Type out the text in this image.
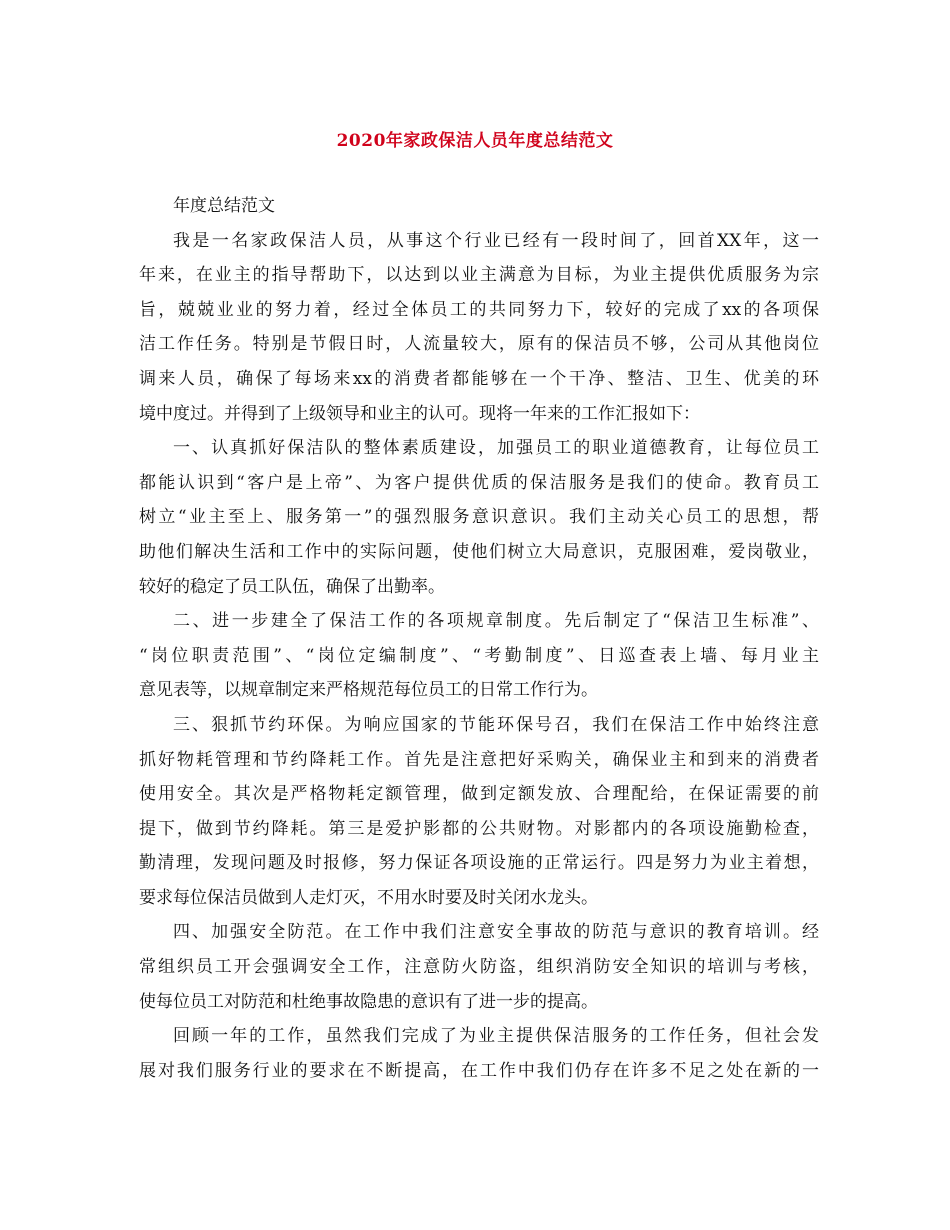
2020年家政保洁人员年度总结范文
年度总结范文
我是一名家政保洁人员，从事这个行业已经有一段时间了，回首XX年，这一
年来，在业主的指导帮助下，以达到以业主满意为目标，为业主提供优质服务为宗
旨，兢兢业业的努力着，经过全体员工的共同努力下，较好的完成了xx的各项保
洁工作任务。特别是节假日时，人流量较大，原有的保洁员不够，公司从其他岗位
调来人员，确保了每场来xx的消费者都能够在一个干净、整洁、卫生、优美的环
境中度过。并得到了上级领导和业主的认可。现将一年来的工作汇报如下：
一、认真抓好保洁队的整体素质建设，加强员工的职业道德教育，让每位员工
都能认识到“客户是上帝”、为客户提供优质的保洁服务是我们的使命。教育员工
树立“业主至上、服务第一”的强烈服务意识意识。我们主动关心员工的思想，帮
助他们解决生活和工作中的实际问题，使他们树立大局意识，克服困难，爱岗敬业，
较好的稳定了员工队伍，确保了出勤率。
二、进一步建全了保洁工作的各项规章制度。先后制定了“保洁卫生标准”、
“岗位职责范围”、“岗位定编制度”、“考勤制度”、日巡查表上墙、每月业主
意见表等，以规章制定来严格规范每位员工的日常工作行为。
三、狠抓节约环保。为响应国家的节能环保号召，我们在保洁工作中始终注意
抓好物耗管理和节约降耗工作。首先是注意把好采购关，确保业主和到来的消费者
使用安全。其次是严格物耗定额管理，做到定额发放、合理配给，在保证需要的前
提下，做到节约降耗。第三是爱护影都的公共财物。对影都内的各项设施勤检查，
勤清理，发现问题及时报修，努力保证各项设施的正常运行。四是努力为业主着想，
要求每位保洁员做到人走灯灭，不用水时要及时关闭水龙头。
四、加强安全防范。在工作中我们注意安全事故的防范与意识的教育培训。经
常组织员工开会强调安全工作，注意防火防盗，组织消防安全知识的培训与考核，
使每位员工对防范和杜绝事故隐患的意识有了进一步的提高。
回顾一年的工作，虽然我们完成了为业主提供保洁服务的工作任务，但社会发
展对我们服务行业的要求在不断提高，在工作中我们仍存在许多不足之处在新的一
